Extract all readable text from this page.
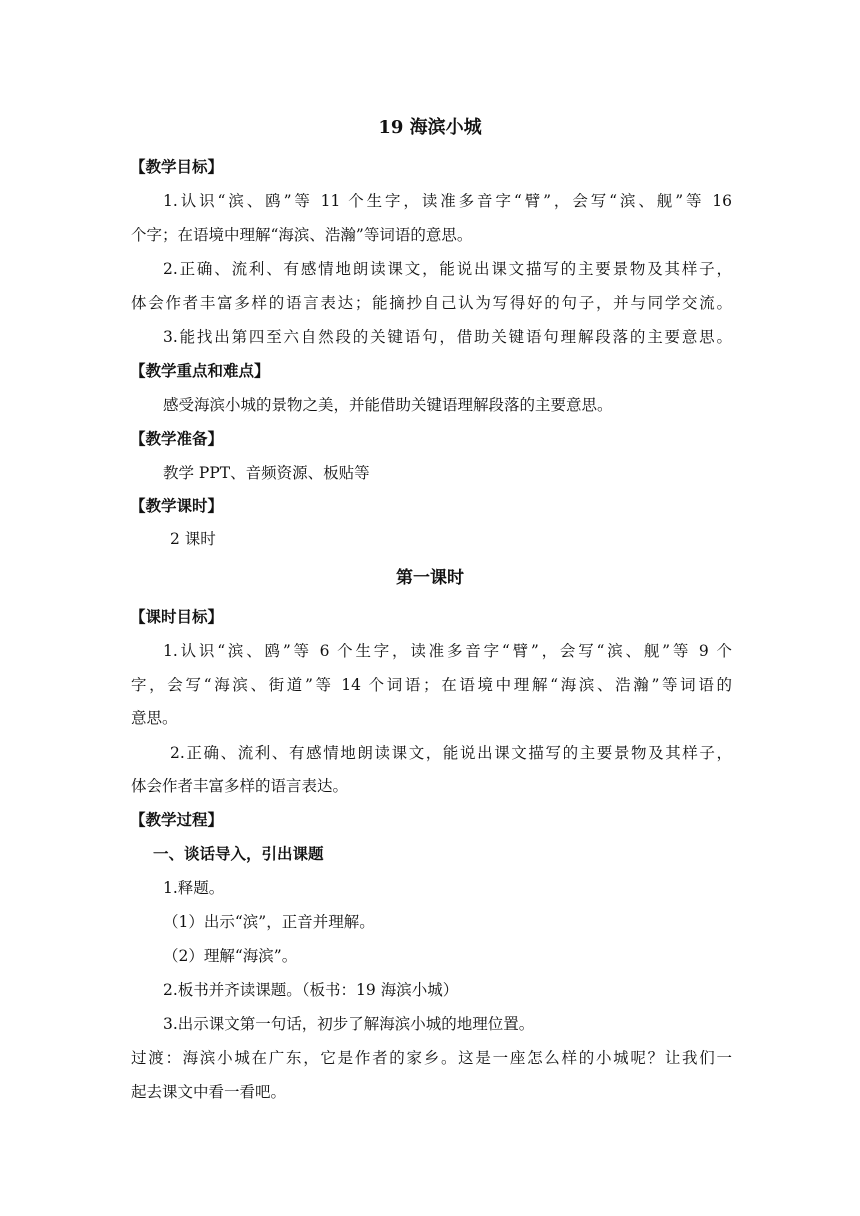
19 海滨小城
【教学目标】
1.认识“滨、鸥”等 11 个生字，读准多音字“臂”，会写“滨、舰”等 16
个字；在语境中理解“海滨、浩瀚”等词语的意思。
2.正确、流利、有感情地朗读课文，能说出课文描写的主要景物及其样子，
体会作者丰富多样的语言表达；能摘抄自己认为写得好的句子，并与同学交流。
3.能找出第四至六自然段的关键语句，借助关键语句理解段落的主要意思。
【教学重点和难点】
感受海滨小城的景物之美，并能借助关键语理解段落的主要意思。
【教学准备】
教学 PPT、音频资源、板贴等
【教学课时】
2 课时
第一课时
【课时目标】
1.认识“滨、鸥”等 6 个生字，读准多音字“臂”，会写“滨、舰”等 9 个
字，会写“海滨、街道”等 14 个词语；在语境中理解“海滨、浩瀚”等词语的
意思。
2.正确、流利、有感情地朗读课文，能说出课文描写的主要景物及其样子，
体会作者丰富多样的语言表达。
【教学过程】
一、谈话导入，引出课题
1.释题。
（1）出示“滨”，正音并理解。
（2）理解“海滨”。
2.板书并齐读课题。（板书：19 海滨小城）
3.出示课文第一句话，初步了解海滨小城的地理位置。
过渡：海滨小城在广东，它是作者的家乡。这是一座怎么样的小城呢？让我们一
起去课文中看一看吧。
